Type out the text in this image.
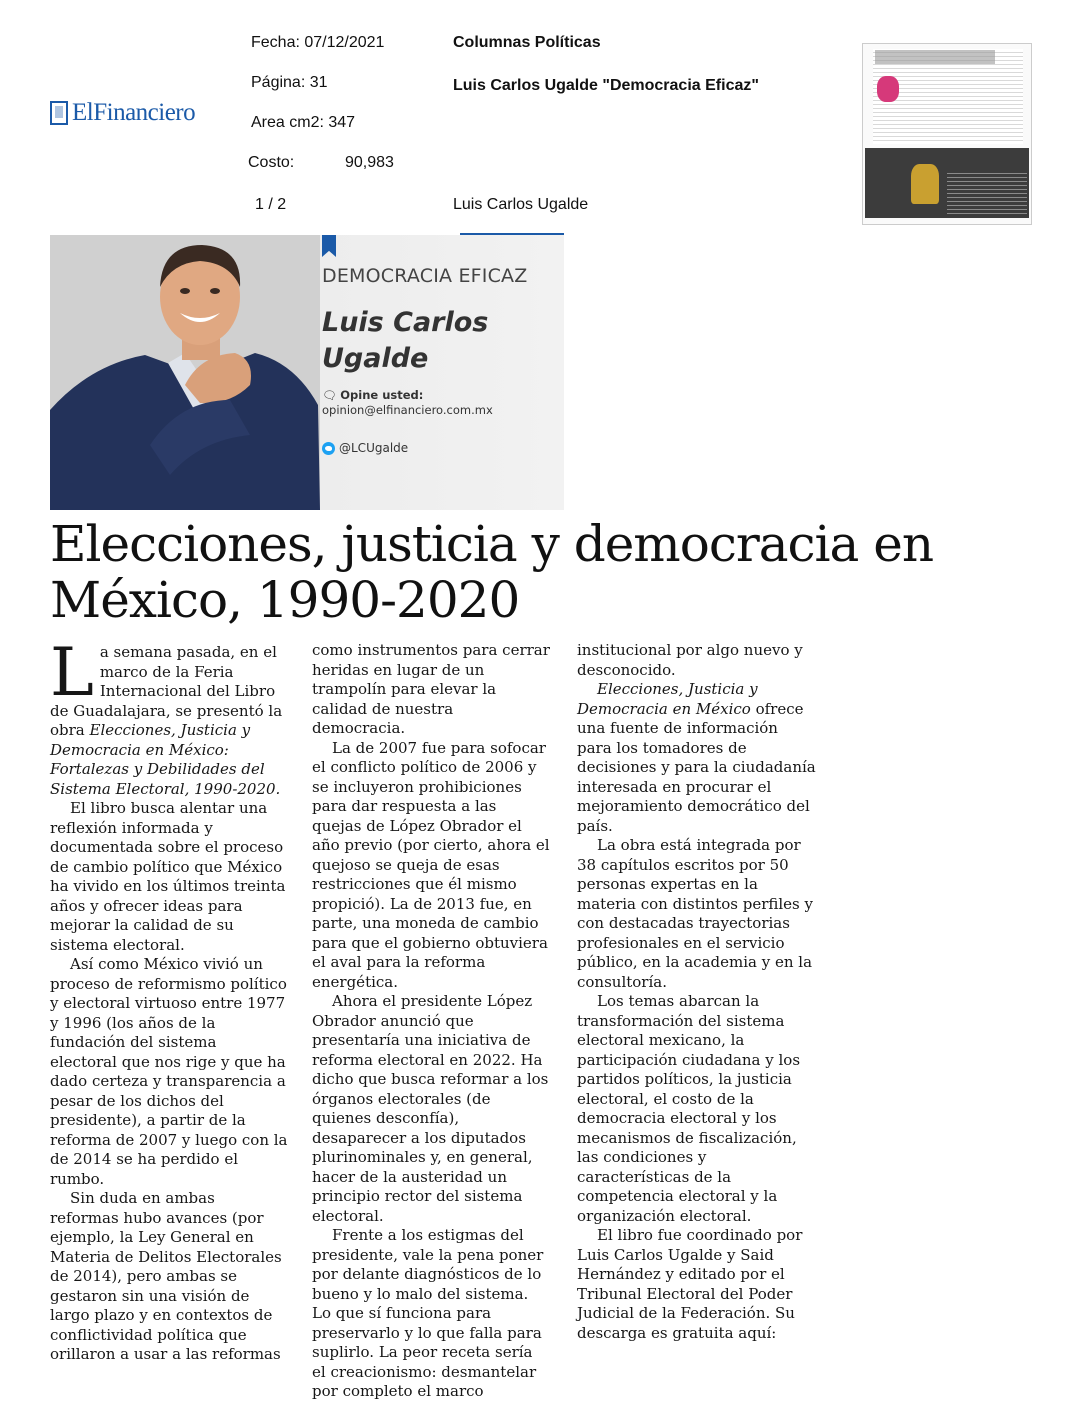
ElFinanciero
Fecha: 07/12/2021
Página: 31
Area cm2: 347
Costo:	90,983
1 / 2
Columnas Políticas
Luis Carlos Ugalde "Democracia Eficaz"
Luis Carlos Ugalde
DEMOCRACIA EFICAZ
Luis Carlos
Ugalde
🗨 Opine usted:
opinion@elfinanciero.com.mx
@LCUgalde
Elecciones, justicia y democracia en México, 1990-2020

La semana pasada, en el marco de la Feria Internacional del Libro de Guadalajara, se presentó la obra Elecciones, Justicia y Democracia en México: Fortalezas y Debilidades del Sistema Electoral, 1990-2020.

El libro busca alentar una reflexión informada y documentada sobre el proceso de cambio político que México ha vivido en los últimos treinta años y ofrecer ideas para mejorar la calidad de su sistema electoral.

Así como México vivió un proceso de reformismo político y electoral virtuoso entre 1977 y 1996 (los años de la fundación del sistema electoral que nos rige y que ha dado certeza y transparencia a pesar de los dichos del presidente), a partir de la reforma de 2007 y luego con la de 2014 se ha perdido el rumbo.

Sin duda en ambas reformas hubo avances (por ejemplo, la Ley General en Materia de Delitos Electorales de 2014), pero ambas se gestaron sin una visión de largo plazo y en contextos de conflictividad política que orillaron a usar a las reformas

como instrumentos para cerrar heridas en lugar de un trampolín para elevar la calidad de nuestra democracia.

La de 2007 fue para sofocar el conflicto político de 2006 y se incluyeron prohibiciones para dar respuesta a las quejas de López Obrador el año previo (por cierto, ahora el quejoso se queja de esas restricciones que él mismo propició). La de 2013 fue, en parte, una moneda de cambio para que el gobierno obtuviera el aval para la reforma energética.

Ahora el presidente López Obrador anunció que presentaría una iniciativa de reforma electoral en 2022. Ha dicho que busca reformar a los órganos electorales (de quienes desconfía), desaparecer a los diputados plurinominales y, en general, hacer de la austeridad un principio rector del sistema electoral.

Frente a los estigmas del presidente, vale la pena poner por delante diagnósticos de lo bueno y lo malo del sistema. Lo que sí funciona para preservarlo y lo que falla para suplirlo. La peor receta sería el creacionismo: desmantelar por completo el marco

institucional por algo nuevo y desconocido.

Elecciones, Justicia y Democracia en México ofrece una fuente de información para los tomadores de decisiones y para la ciudadanía interesada en procurar el mejoramiento democrático del país.

La obra está integrada por 38 capítulos escritos por 50 personas expertas en la materia con distintos perfiles y con destacadas trayectorias profesionales en el servicio público, en la academia y en la consultoría.

Los temas abarcan la transformación del sistema electoral mexicano, la participación ciudadana y los partidos políticos, la justicia electoral, el costo de la democracia electoral y los mecanismos de fiscalización, las condiciones y características de la competencia electoral y la organización electoral.

El libro fue coordinado por Luis Carlos Ugalde y Said Hernández y editado por el Tribunal Electoral del Poder Judicial de la Federación. Su descarga es gratuita aquí:
